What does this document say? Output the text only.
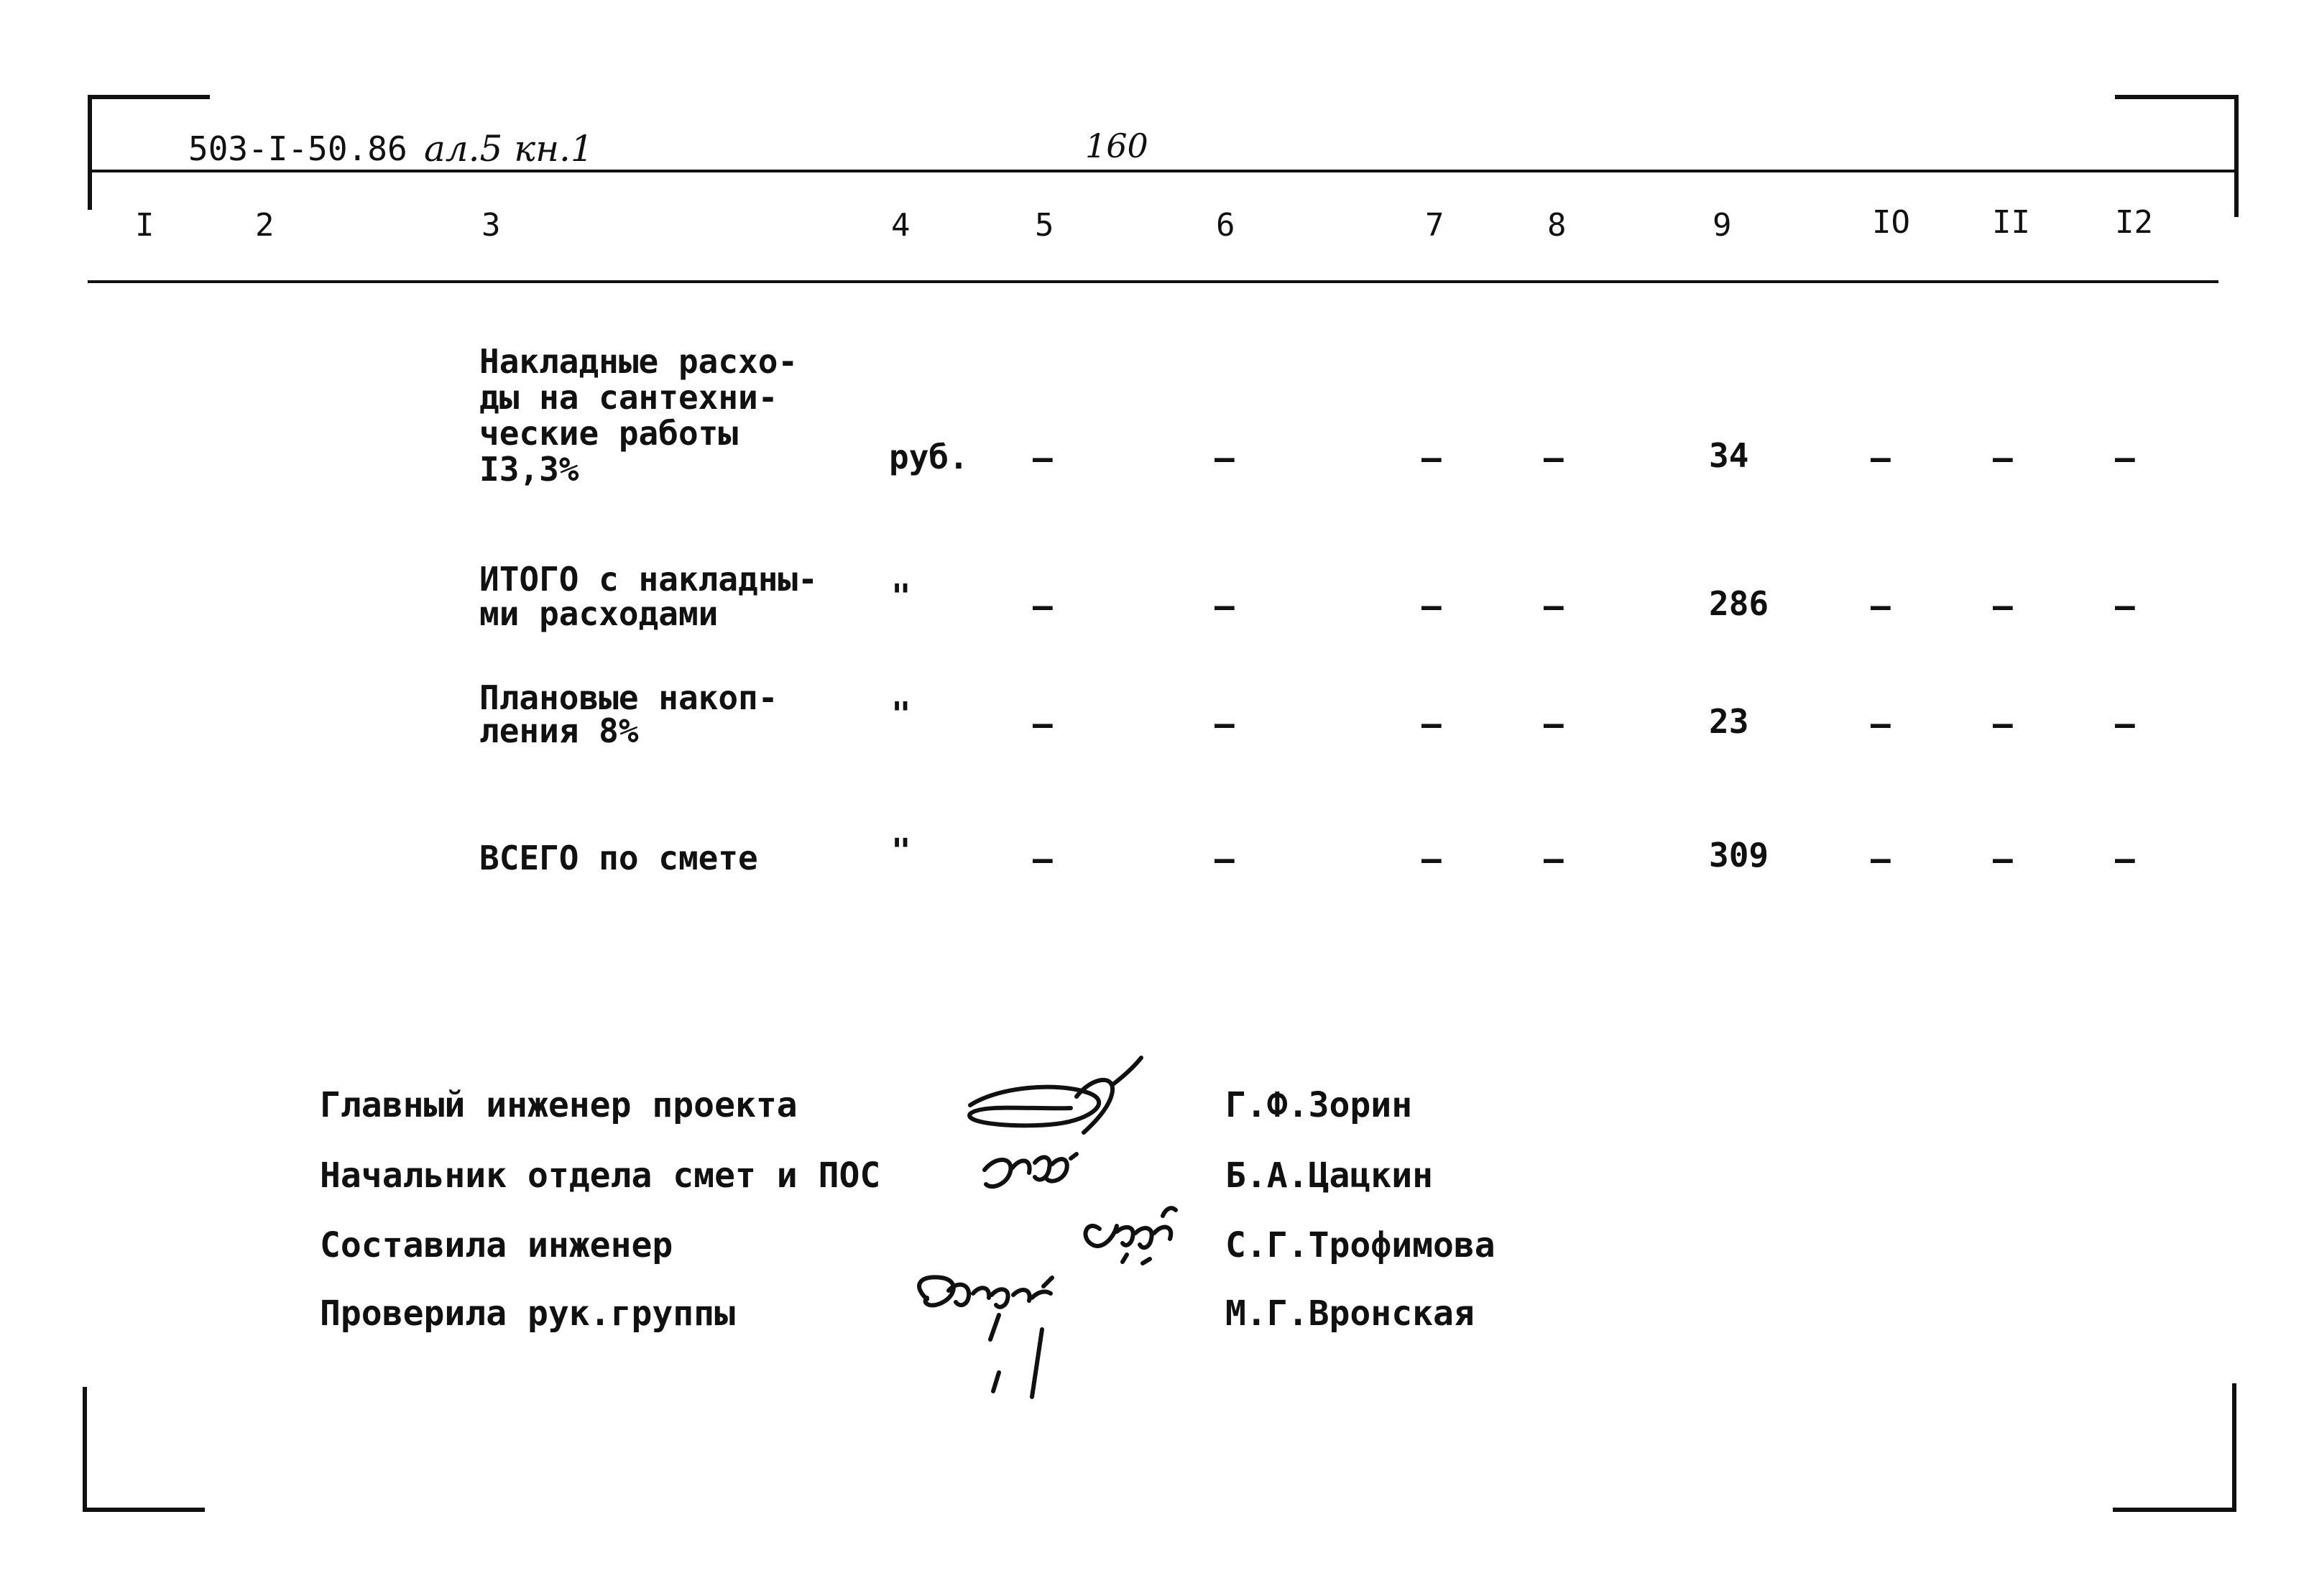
503-I-50.86 ал.5 кн.1	160
I	2	3	4	5	6	7	8	9	IO	II	I2
Накладные расхо-
ды на сантехни-
ческие работы
I3,3%	руб. –	–	–	–	34	–	–	–
ИТОГО с накладны-
ми расходами	"	–	–	–	–	286	–	–	–
Плановые накоп-
ления 8%	"	–	–	–	–	23	–	–	–
ВСЕГО по смете	"	–	–	–	–	309	–	–	–
Главный инженер проекта	Г.Ф.Зорин
Начальник отдела смет и ПОС	Б.А.Цацкин
Составила инженер	С.Г.Трофимова
Проверила рук.группы	М.Г.Вронская
